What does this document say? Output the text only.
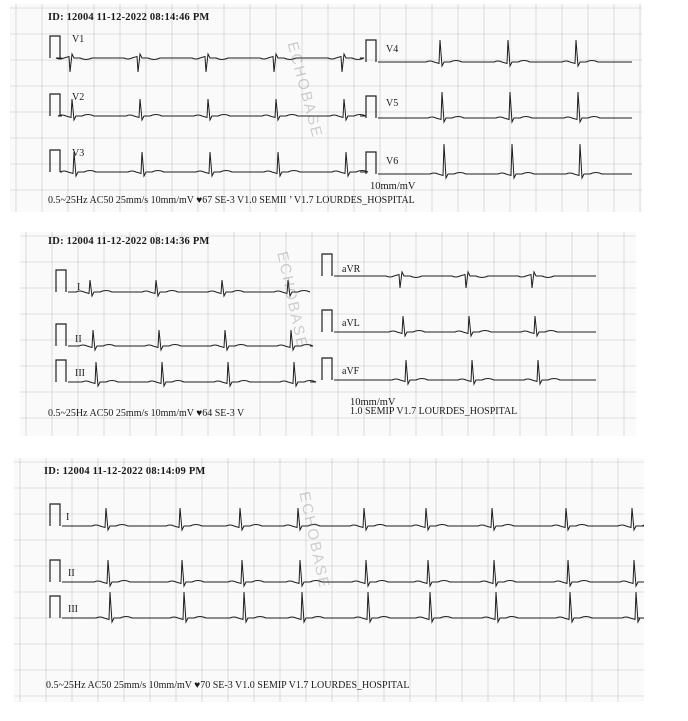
ID: 12004 11-12-2022 08:14:46 PM
V1
V2
V3
V4
V5
V6
10mm/mV
0.5~25Hz AC50 25mm/s 10mm/mV ♥67 SE-3 V1.0 SEMII ’ V1.7 LOURDES_HOSPITAL
ID: 12004 11-12-2022 08:14:36 PM
I
II
III
aVR
aVL
aVF
10mm/mV
0.5~25Hz AC50 25mm/s 10mm/mV ♥64 SE-3 V	1.0 SEMIP V1.7 LOURDES_HOSPITAL
ID: 12004 11-12-2022 08:14:09 PM
I
II
III
0.5~25Hz AC50 25mm/s 10mm/mV ♥70 SE-3 V1.0 SEMIP V1.7 LOURDES_HOSPITAL
ECHOBASE
ECHOBASE
ECHOBASE
